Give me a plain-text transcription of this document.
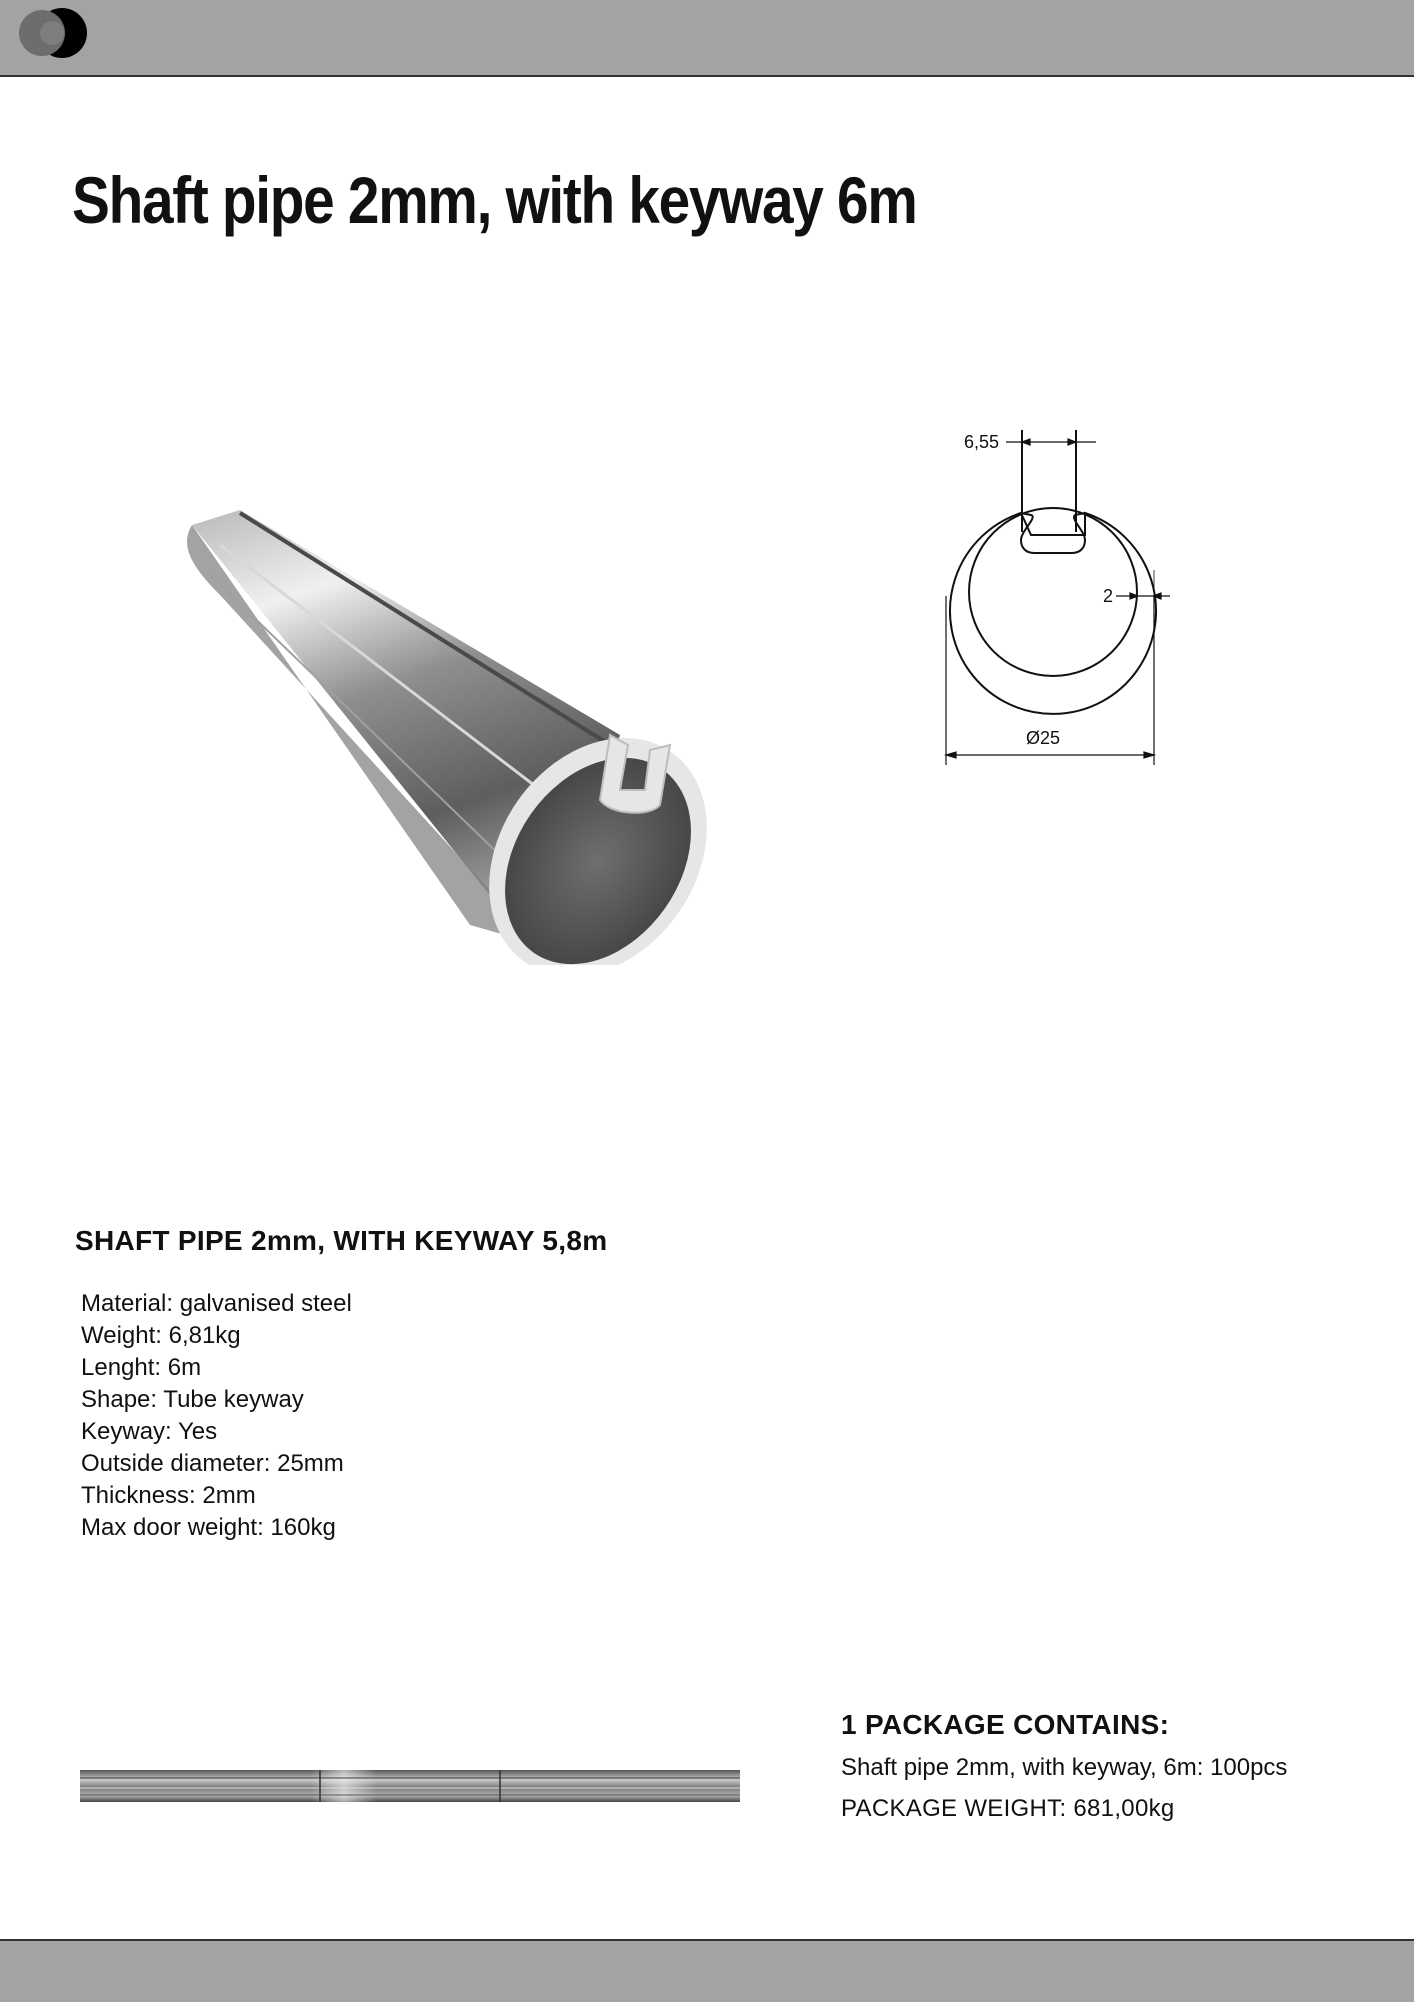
Shaft pipe 2mm, with keyway 6m
6,55
2
Ø25
SHAFT PIPE 2mm, WITH KEYWAY 5,8m
Material: galvanised steel
Weight: 6,81kg
Lenght: 6m
Shape: Tube keyway
Keyway: Yes
Outside diameter: 25mm
Thickness: 2mm
Max door weight: 160kg
1 PACKAGE CONTAINS:
Shaft pipe 2mm, with keyway, 6m: 100pcs
PACKAGE WEIGHT: 681,00kg
